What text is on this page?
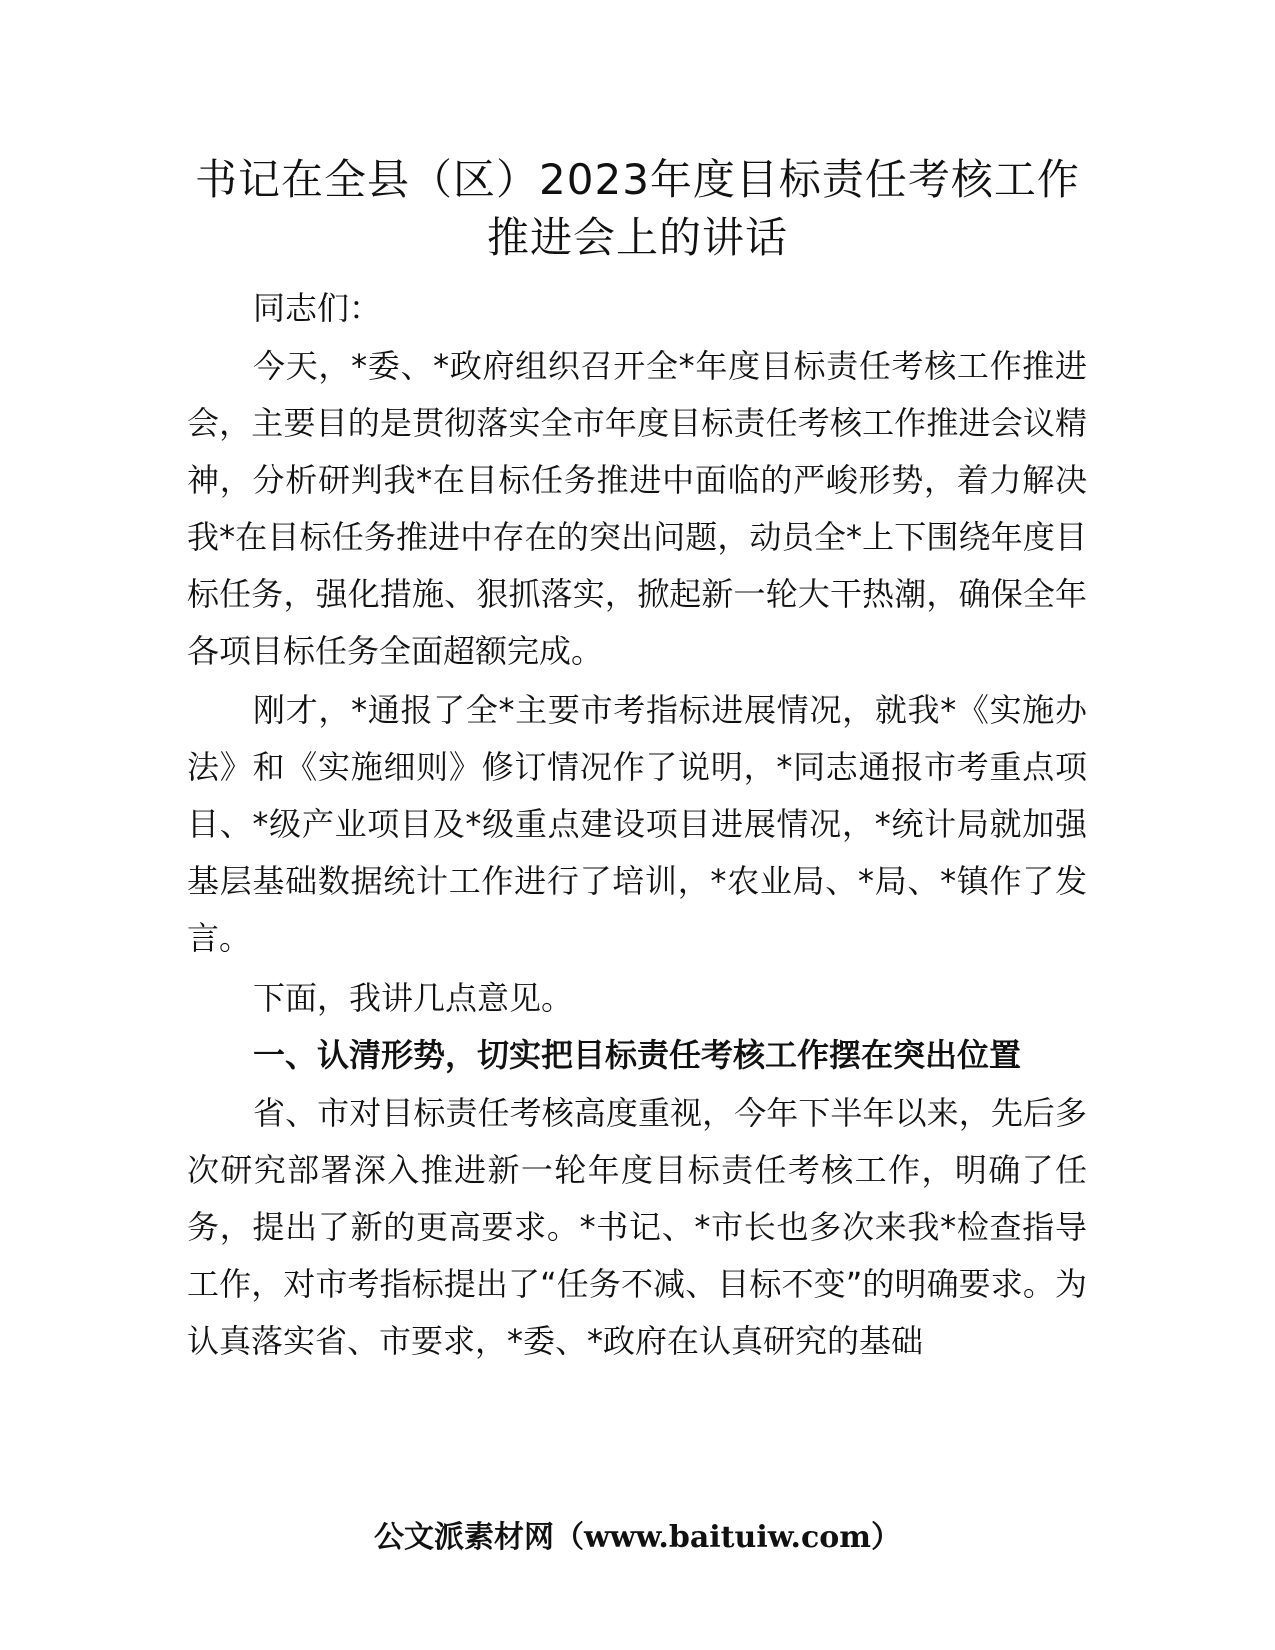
书记在全县（区）2023年度目标责任考核工作
推进会上的讲话
同志们：
今天，*委、*政府组织召开全*年度目标责任考核工作推进会，主要目的是贯彻落实全市年度目标责任考核工作推进会议精神，分析研判我*在目标任务推进中面临的严峻形势，着力解决我*在目标任务推进中存在的突出问题，动员全*上下围绕年度目标任务，强化措施、狠抓落实，掀起新一轮大干热潮，确保全年各项目标任务全面超额完成。
刚才，*通报了全*主要市考指标进展情况，就我*《实施办法》和《实施细则》修订情况作了说明，*同志通报市考重点项目、*级产业项目及*级重点建设项目进展情况，*统计局就加强基层基础数据统计工作进行了培训，*农业局、*局、*镇作了发言。
下面，我讲几点意见。
一、认清形势，切实把目标责任考核工作摆在突出位置
省、市对目标责任考核高度重视，今年下半年以来，先后多次研究部署深入推进新一轮年度目标责任考核工作，明确了任务，提出了新的更高要求。*书记、*市长也多次来我*检查指导工作，对市考指标提出了“任务不减、目标不变”的明确要求。为认真落实省、市要求，*委、*政府在认真研究的基础
公文派素材网（www.baituiw.com）
